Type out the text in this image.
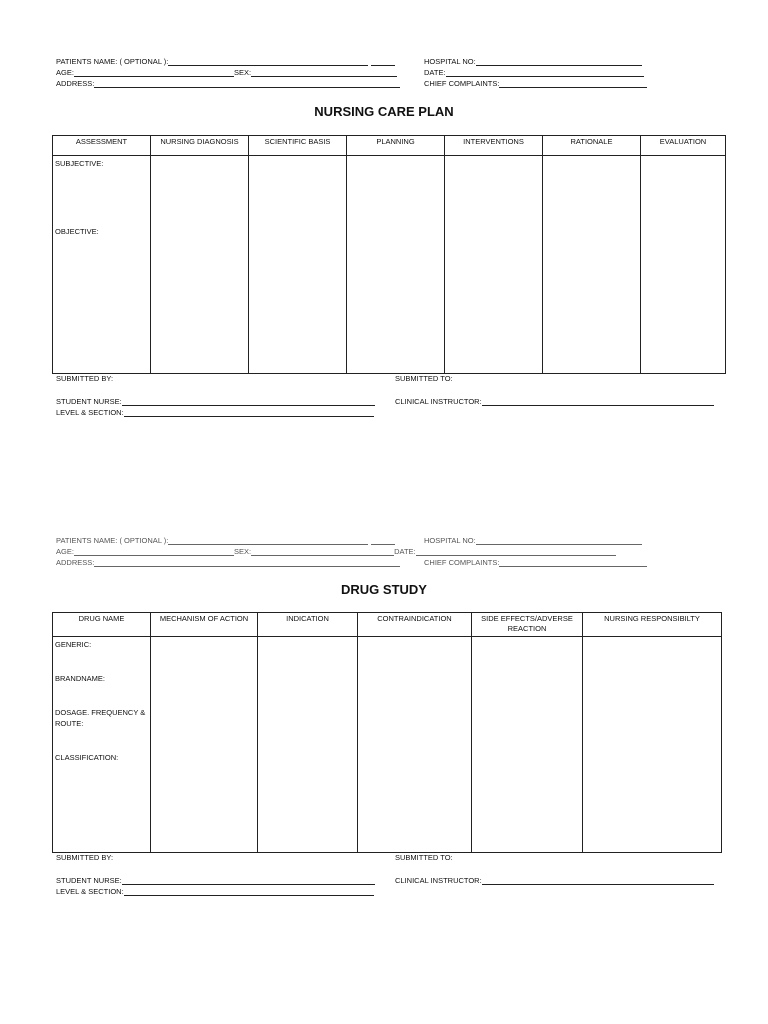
PATIENTS NAME: ( OPTIONAL ):	HOSPITAL NO:
AGE:	SEX:	DATE:
ADDRESS:	CHIEF COMPLAINTS:
NURSING CARE PLAN
ASSESSMENT	NURSING DIAGNOSIS	SCIENTIFIC BASIS	PLANNING	INTERVENTIONS	RATIONALE	EVALUATION

SUBJECTIVE:
OBJECTIVE:						

SUBMITTED BY:	SUBMITTED TO:
STUDENT NURSE:	CLINICAL INSTRUCTOR:
LEVEL & SECTION:
PATIENTS NAME: ( OPTIONAL ):	HOSPITAL NO:
AGE:	SEX:	DATE:
ADDRESS:	CHIEF COMPLAINTS:
DRUG STUDY
DRUG NAME	MECHANISM OF ACTION	INDICATION	CONTRAINDICATION	SIDE EFFECTS/ADVERSE REACTION	NURSING RESPONSIBILTY

GENERIC:
BRANDNAME:
DOSAGE. FREQUENCY & ROUTE:
CLASSIFICATION:					

SUBMITTED BY:	SUBMITTED TO:
STUDENT NURSE:	CLINICAL INSTRUCTOR:
LEVEL & SECTION:
